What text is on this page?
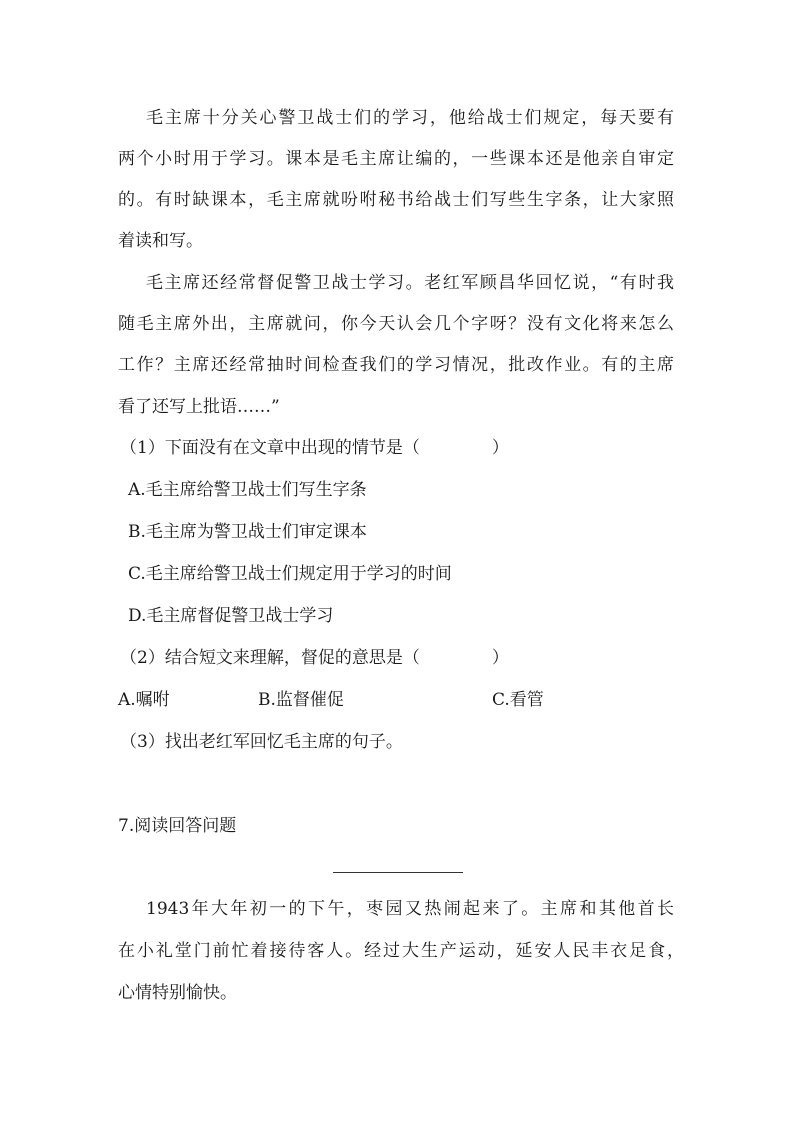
毛主席十分关心警卫战士们的学习，他给战士们规定，每天要有
两个小时用于学习。课本是毛主席让编的，一些课本还是他亲自审定
的。有时缺课本，毛主席就吩咐秘书给战士们写些生字条，让大家照
着读和写。
毛主席还经常督促警卫战士学习。老红军顾昌华回忆说，“有时我
随毛主席外出，主席就问，你今天认会几个字呀？没有文化将来怎么
工作？主席还经常抽时间检查我们的学习情况，批改作业。有的主席
看了还写上批语……”
（1）下面没有在文章中出现的情节是（	）
A.毛主席给警卫战士们写生字条
B.毛主席为警卫战士们审定课本
C.毛主席给警卫战士们规定用于学习的时间
D.毛主席督促警卫战士学习
（2）结合短文来理解，督促的意思是（	）
A.嘱咐	B.监督催促	C.看管
（3）找出老红军回忆毛主席的句子。
7.阅读回答问题
1943年大年初一的下午，枣园又热闹起来了。主席和其他首长
在小礼堂门前忙着接待客人。经过大生产运动，延安人民丰衣足食，
心情特别愉快。
